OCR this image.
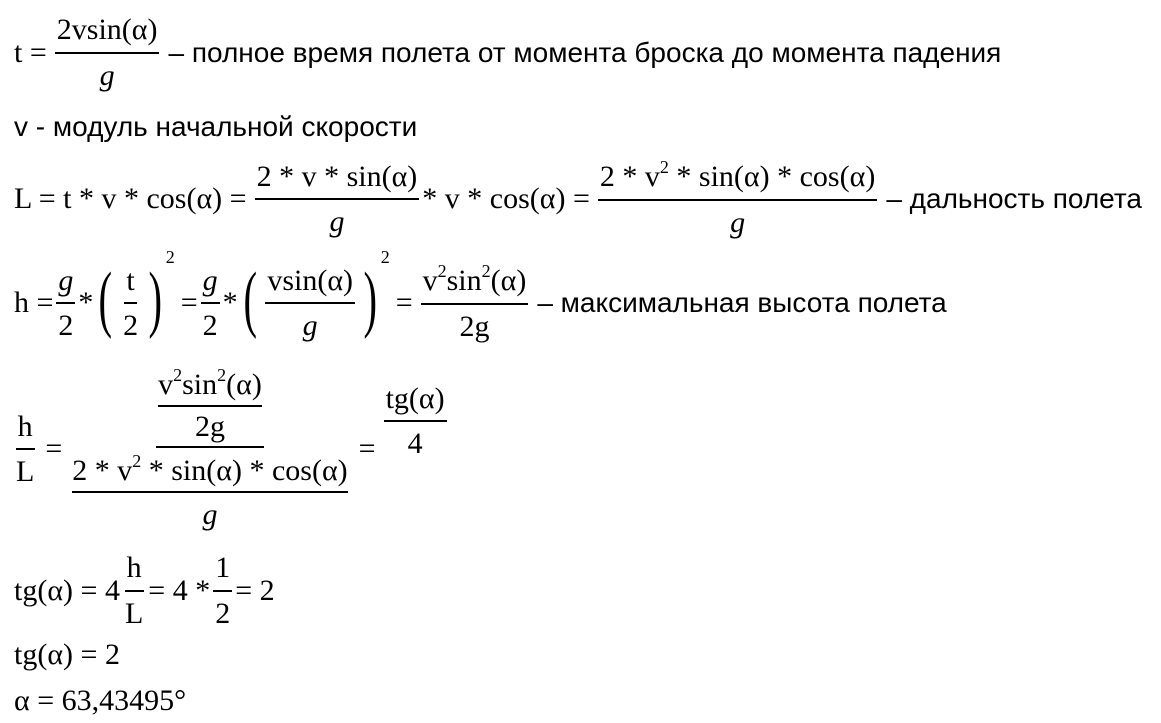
$t = \frac{2vsin(\alpha)}{g}$ – полное время полета от момента броска до момента падения
v - модуль начальной скорости
$L = t * v * \cos(\alpha) = \frac{2 * v * \sin(\alpha)}{g} * v * \cos(\alpha) = \frac{2 * v^2 * \sin(\alpha) * \cos(\alpha)}{g}$ – дальность полета
$h = \frac{g}{2}$ * ( $\frac{t}{2}$ )
2
= $\frac{g}{2}$ * ( $\frac{vsin(\alpha)}{g}$ )
2
= $\frac{v^2\sin^2(\alpha)}{2g}$ – максимальная высота полета
$\frac{h}{L} = \frac{\frac{v^2\sin^2(\alpha)}{2g}}{\frac{2 * v^2 * \sin(\alpha) * \cos(\alpha)}{g}} = \frac{tg(\alpha)}{4}$
$tg(\alpha) = 4 \frac{h}{L} = 4 * \frac{1}{2} = 2$
tg(α) = 2
α = 63,43495°
